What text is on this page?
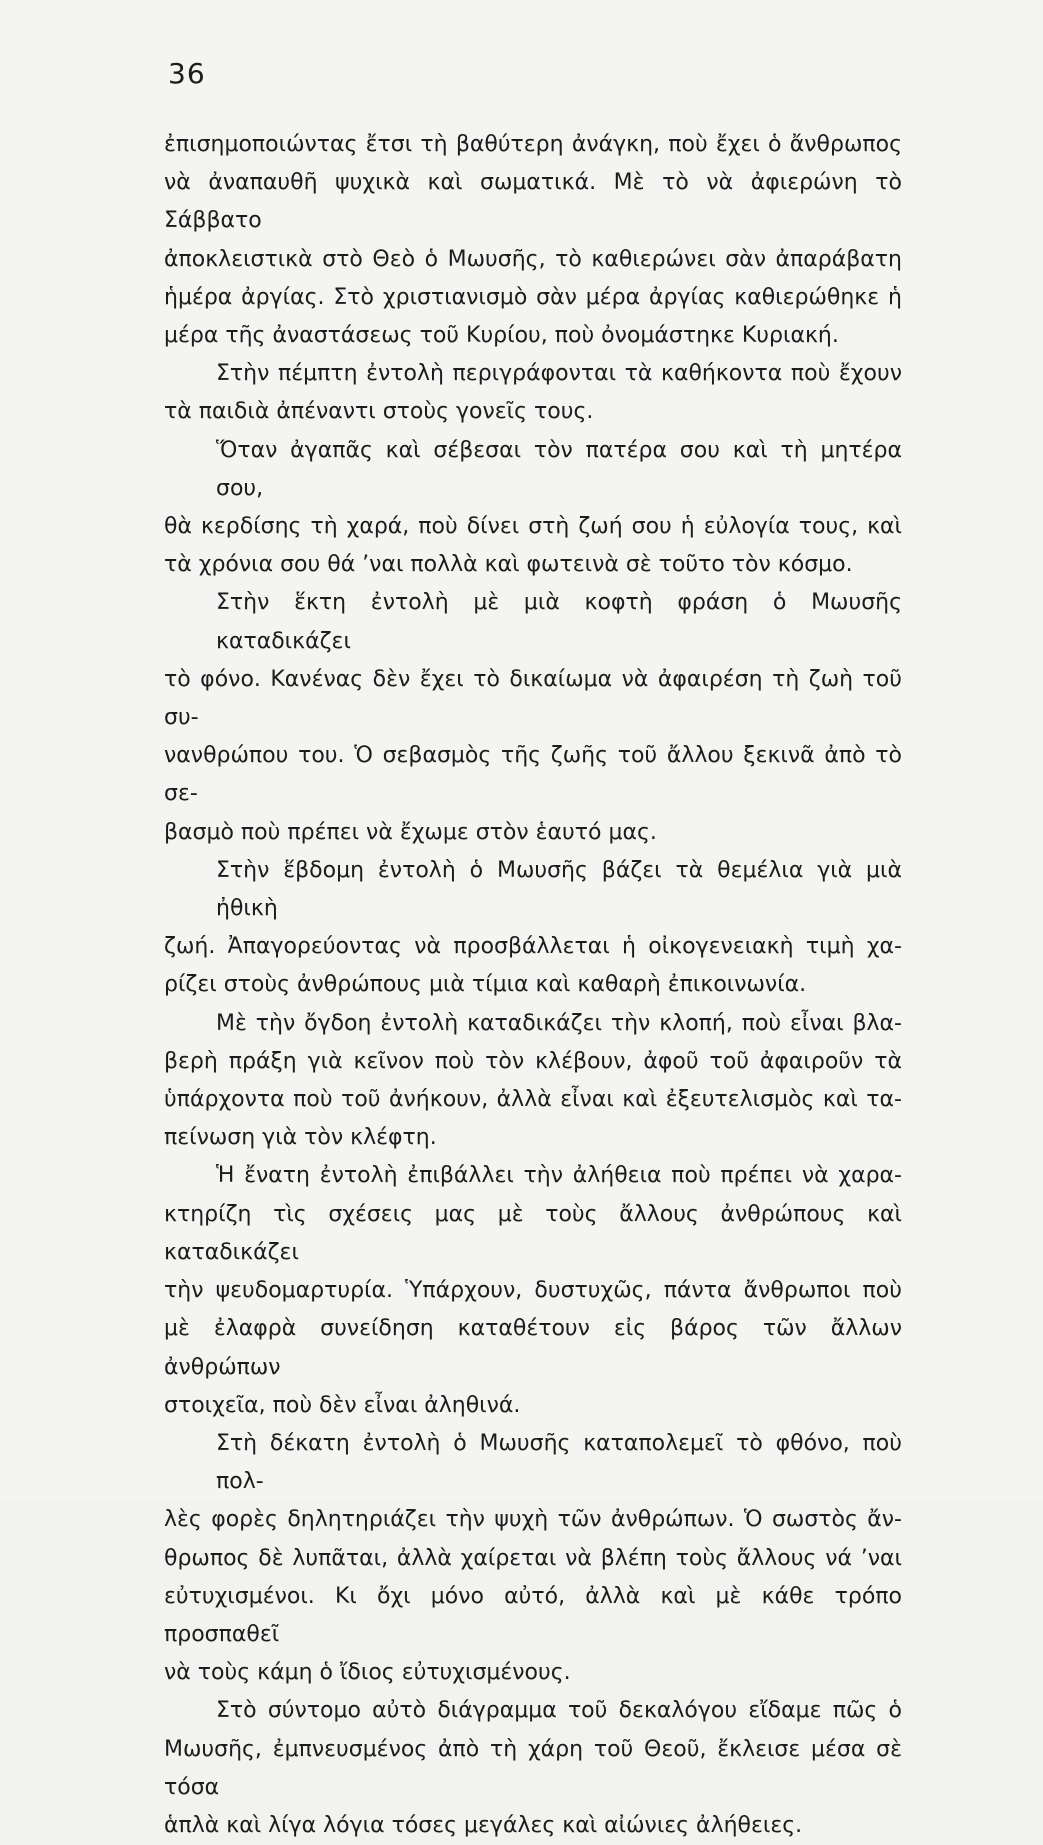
36

ἐπισημοποιώντας ἔτσι τὴ βαθύτερη ἀνάγκη, ποὺ ἔχει ὁ ἄνθρωπος
νὰ ἀναπαυθῆ ψυχικὰ καὶ σωματικά. Μὲ τὸ νὰ ἀφιερώνη τὸ Σάββατο
ἀποκλειστικὰ στὸ Θεὸ ὁ Μωυσῆς, τὸ καθιερώνει σὰν ἀπαράβατη
ἡμέρα ἀργίας. Στὸ χριστιανισμὸ σὰν μέρα ἀργίας καθιερώθηκε ἡ
μέρα τῆς ἀναστάσεως τοῦ Κυρίου, ποὺ ὀνομάστηκε Κυριακή.

Στὴν πέμπτη ἐντολὴ περιγράφονται τὰ καθήκοντα ποὺ ἔχουν
τὰ παιδιὰ ἀπέναντι στοὺς γονεῖς τους.

Ὅταν ἀγαπᾶς καὶ σέβεσαι τὸν πατέρα σου καὶ τὴ μητέρα σου,
θὰ κερδίσης τὴ χαρά, ποὺ δίνει στὴ ζωή σου ἡ εὐλογία τους, καὶ
τὰ χρόνια σου θά ’ναι πολλὰ καὶ φωτεινὰ σὲ τοῦτο τὸν κόσμο.

Στὴν ἕκτη ἐντολὴ μὲ μιὰ κοφτὴ φράση ὁ Μωυσῆς καταδικάζει
τὸ φόνο. Κανένας δὲν ἔχει τὸ δικαίωμα νὰ ἀφαιρέση τὴ ζωὴ τοῦ συ-
νανθρώπου του. Ὁ σεβασμὸς τῆς ζωῆς τοῦ ἄλλου ξεκινᾶ ἀπὸ τὸ σε-
βασμὸ ποὺ πρέπει νὰ ἔχωμε στὸν ἑαυτό μας.

Στὴν ἕβδομη ἐντολὴ ὁ Μωυσῆς βάζει τὰ θεμέλια γιὰ μιὰ ἠθικὴ
ζωή. Ἀπαγορεύοντας νὰ προσβάλλεται ἡ οἰκογενειακὴ τιμὴ χα-
ρίζει στοὺς ἀνθρώπους μιὰ τίμια καὶ καθαρὴ ἐπικοινωνία.

Μὲ τὴν ὄγδοη ἐντολὴ καταδικάζει τὴν κλοπή, ποὺ εἶναι βλα-
βερὴ πράξη γιὰ κεῖνον ποὺ τὸν κλέβουν, ἀφοῦ τοῦ ἀφαιροῦν τὰ
ὑπάρχοντα ποὺ τοῦ ἀνήκουν, ἀλλὰ εἶναι καὶ ἐξευτελισμὸς καὶ τα-
πείνωση γιὰ τὸν κλέφτη.

Ἡ ἔνατη ἐντολὴ ἐπιβάλλει τὴν ἀλήθεια ποὺ πρέπει νὰ χαρα-
κτηρίζη τὶς σχέσεις μας μὲ τοὺς ἄλλους ἀνθρώπους καὶ καταδικάζει
τὴν ψευδομαρτυρία. Ὑπάρχουν, δυστυχῶς, πάντα ἄνθρωποι ποὺ
μὲ ἐλαφρὰ συνείδηση καταθέτουν εἰς βάρος τῶν ἄλλων ἀνθρώπων
στοιχεῖα, ποὺ δὲν εἶναι ἀληθινά.

Στὴ δέκατη ἐντολὴ ὁ Μωυσῆς καταπολεμεῖ τὸ φθόνο, ποὺ πολ-
λὲς φορὲς δηλητηριάζει τὴν ψυχὴ τῶν ἀνθρώπων. Ὁ σωστὸς ἄν-
θρωπος δὲ λυπᾶται, ἀλλὰ χαίρεται νὰ βλέπη τοὺς ἄλλους νά ’ναι
εὐτυχισμένοι. Κι ὄχι μόνο αὐτό, ἀλλὰ καὶ μὲ κάθε τρόπο προσπαθεῖ
νὰ τοὺς κάμη ὁ ἴδιος εὐτυχισμένους.

Στὸ σύντομο αὐτὸ διάγραμμα τοῦ δεκαλόγου εἴδαμε πῶς ὁ
Μωυσῆς, ἐμπνευσμένος ἀπὸ τὴ χάρη τοῦ Θεοῦ, ἔκλεισε μέσα σὲ τόσα
ἁπλὰ καὶ λίγα λόγια τόσες μεγάλες καὶ αἰώνιες ἀλήθειες.
